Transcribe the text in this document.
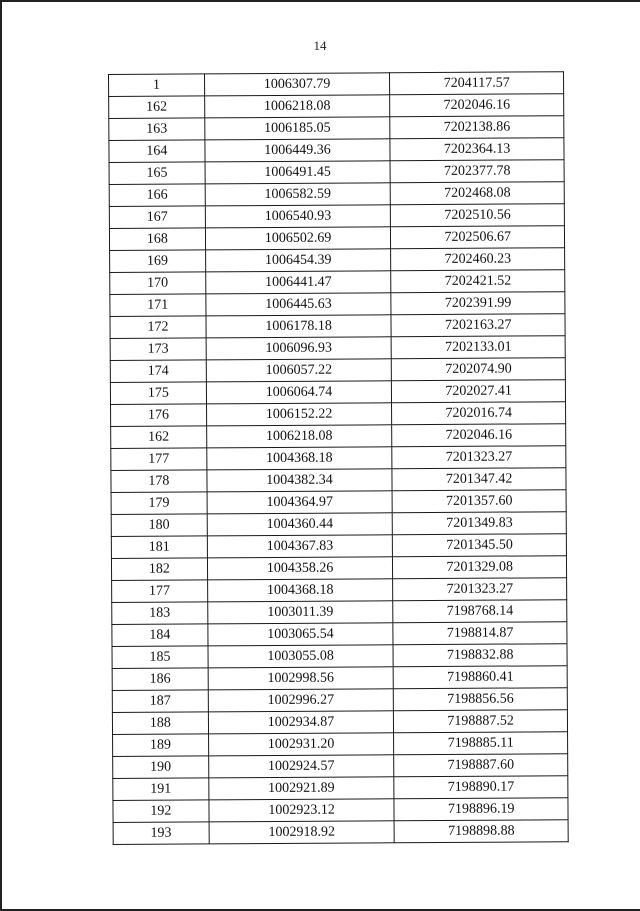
14
1	1006307.79	7204117.57
162	1006218.08	7202046.16
163	1006185.05	7202138.86
164	1006449.36	7202364.13
165	1006491.45	7202377.78
166	1006582.59	7202468.08
167	1006540.93	7202510.56
168	1006502.69	7202506.67
169	1006454.39	7202460.23
170	1006441.47	7202421.52
171	1006445.63	7202391.99
172	1006178.18	7202163.27
173	1006096.93	7202133.01
174	1006057.22	7202074.90
175	1006064.74	7202027.41
176	1006152.22	7202016.74
162	1006218.08	7202046.16
177	1004368.18	7201323.27
178	1004382.34	7201347.42
179	1004364.97	7201357.60
180	1004360.44	7201349.83
181	1004367.83	7201345.50
182	1004358.26	7201329.08
177	1004368.18	7201323.27
183	1003011.39	7198768.14
184	1003065.54	7198814.87
185	1003055.08	7198832.88
186	1002998.56	7198860.41
187	1002996.27	7198856.56
188	1002934.87	7198887.52
189	1002931.20	7198885.11
190	1002924.57	7198887.60
191	1002921.89	7198890.17
192	1002923.12	7198896.19
193	1002918.92	7198898.88
